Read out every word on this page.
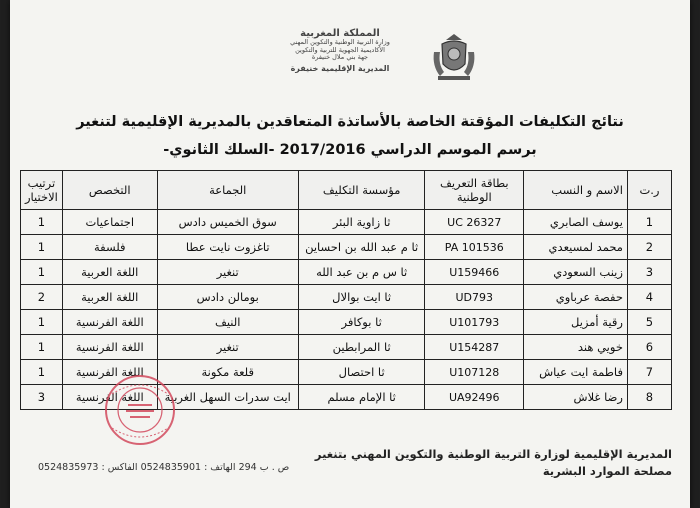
المملكة المغربية
وزارة التربية الوطنية والتكوين المهني
الأكاديمية الجهوية للتربية والتكوين
جهة بني ملال خنيفرة
المديرية الإقليمية خنيفرة
نتائج التكليفات المؤقتة الخاصة بالأساتذة المتعاقدين بالمديرية الإقليمية لتنغير
برسم الموسم الدراسي 2017/2016 -السلك الثانوي-
ر.ت	الاسم و النسب	بطاقة التعريف الوطنية	مؤسسة التكليف	الجماعة	التخصص	ترتيب الاختيار
1	يوسف الصابري	UC 26327	ثا زاوية البئر	سوق الخميس دادس	اجتماعيات	1
2	محمد لمسيعدي	PA 101536	ثا م عبد الله بن احساين	تاغزوت نايت عطا	فلسفة	1
3	زينب السعودي	U159466	ثا س م بن عبد الله	تنغير	اللغة العربية	1
4	حفصة عرباوي	UD793	ثا ايت بوالال	بومالن دادس	اللغة العربية	2
5	رقية أمزيل	U101793	ثا بوكافر	النيف	اللغة الفرنسية	1
6	خويي هند	U154287	ثا المرابطين	تنغير	اللغة الفرنسية	1
7	فاطمة ايت عياش	U107128	ثا احتصال	قلعة مكونة	اللغة الفرنسية	1
8	رضا غلاش	UA92496	ثا الإمام مسلم	ايت سدرات السهل الغربية	اللغة الفرنسية	3
المديرية الإقليمية لوزارة التربية الوطنية والتكوين المهني بتنغير
مصلحة الموارد البشرية
ص . ب 294 الهاتف : 0524835901 الفاكس : 0524835973
